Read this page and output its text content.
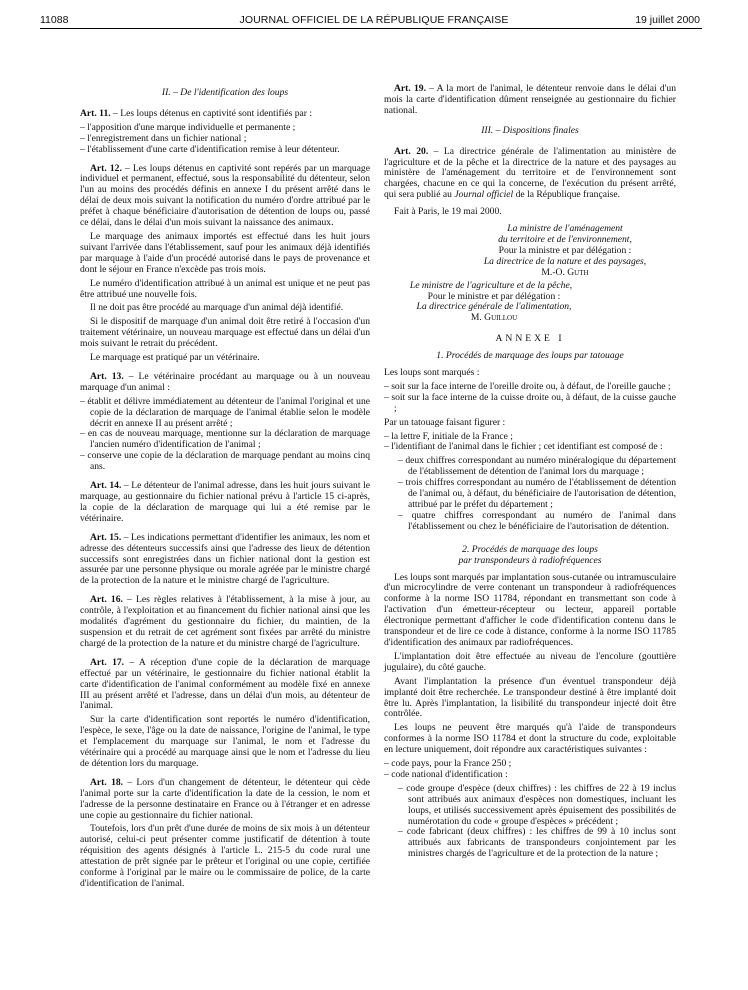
11088	JOURNAL OFFICIEL DE LA RÉPUBLIQUE FRANÇAISE	19 juillet 2000

II. – De l'identification des loups

Art. 11. – Les loups détenus en captivité sont identifiés par :

– l'apposition d'une marque individuelle et permanente ;
– l'enregistrement dans un fichier national ;
– l'établissement d'une carte d'identification remise à leur détenteur.

Art. 12. – Les loups détenus en captivité sont repérés par un marquage individuel et permanent, effectué, sous la responsabilité du détenteur, selon l'un au moins des procédés définis en annexe I du présent arrêté dans le délai de deux mois suivant la notification du numéro d'ordre attribué par le préfet à chaque bénéficiaire d'autorisation de détention de loups ou, passé ce délai, dans le délai d'un mois suivant la naissance des animaux.

Le marquage des animaux importés est effectué dans les huit jours suivant l'arrivée dans l'établissement, sauf pour les animaux déjà identifiés par marquage à l'aide d'un procédé autorisé dans le pays de provenance et dont le séjour en France n'excède pas trois mois.

Le numéro d'identification attribué à un animal est unique et ne peut pas être attribué une nouvelle fois.

Il ne doit pas être procédé au marquage d'un animal déjà identifié.

Si le dispositif de marquage d'un animal doit être retiré à l'occasion d'un traitement vétérinaire, un nouveau marquage est effectué dans un délai d'un mois suivant le retrait du précédent.

Le marquage est pratiqué par un vétérinaire.

Art. 13. – Le vétérinaire procédant au marquage ou à un nouveau marquage d'un animal :

– établit et délivre immédiatement au détenteur de l'animal l'original et une copie de la déclaration de marquage de l'animal établie selon le modèle décrit en annexe II au présent arrêté ;
– en cas de nouveau marquage, mentionne sur la déclaration de marquage l'ancien numéro d'identification de l'animal ;
– conserve une copie de la déclaration de marquage pendant au moins cinq ans.

Art. 14. – Le détenteur de l'animal adresse, dans les huit jours suivant le marquage, au gestionnaire du fichier national prévu à l'article 15 ci-après, la copie de la déclaration de marquage qui lui a été remise par le vétérinaire.

Art. 15. – Les indications permettant d'identifier les animaux, les nom et adresse des détenteurs successifs ainsi que l'adresse des lieux de détention successifs sont enregistrées dans un fichier national dont la gestion est assurée par une personne physique ou morale agréée par le ministre chargé de la protection de la nature et le ministre chargé de l'agriculture.

Art. 16. – Les règles relatives à l'établissement, à la mise à jour, au contrôle, à l'exploitation et au financement du fichier national ainsi que les modalités d'agrément du gestionnaire du fichier, du maintien, de la suspension et du retrait de cet agrément sont fixées par arrêté du ministre chargé de la protection de la nature et du ministre chargé de l'agriculture.

Art. 17. – A réception d'une copie de la déclaration de marquage effectué par un vétérinaire, le gestionnaire du fichier national établit la carte d'identification de l'animal conformément au modèle fixé en annexe III au présent arrêté et l'adresse, dans un délai d'un mois, au détenteur de l'animal.

Sur la carte d'identification sont reportés le numéro d'identification, l'espèce, le sexe, l'âge ou la date de naissance, l'origine de l'animal, le type et l'emplacement du marquage sur l'animal, le nom et l'adresse du vétérinaire qui a procédé au marquage ainsi que le nom et l'adresse du lieu de détention lors du marquage.

Art. 18. – Lors d'un changement de détenteur, le détenteur qui cède l'animal porte sur la carte d'identification la date de la cession, le nom et l'adresse de la personne destinataire en France ou à l'étranger et en adresse une copie au gestionnaire du fichier national.

Toutefois, lors d'un prêt d'une durée de moins de six mois à un détenteur autorisé, celui-ci peut présenter comme justificatif de détention à toute réquisition des agents désignés à l'article L. 215-5 du code rural une attestation de prêt signée par le prêteur et l'original ou une copie, certifiée conforme à l'original par le maire ou le commissaire de police, de la carte d'identification de l'animal.

Art. 19. – A la mort de l'animal, le détenteur renvoie dans le délai d'un mois la carte d'identification dûment renseignée au gestionnaire du fichier national.

III. – Dispositions finales

Art. 20. – La directrice générale de l'alimentation au ministère de l'agriculture et de la pêche et la directrice de la nature et des paysages au ministère de l'aménagement du territoire et de l'environnement sont chargées, chacune en ce qui la concerne, de l'exécution du présent arrêté, qui sera publié au Journal officiel de la République française.

Fait à Paris, le 19 mai 2000.

La ministre de l'aménagement

du territoire et de l'environnement,

Pour la ministre et par délégation :

La directrice de la nature et des paysages,

M.-O. Guth

Le ministre de l'agriculture et de la pêche,

Pour le ministre et par délégation :

La directrice générale de l'alimentation,

M. Guillou

ANNEXE I

1. Procédés de marquage des loups par tatouage

Les loups sont marqués :

– soit sur la face interne de l'oreille droite ou, à défaut, de l'oreille gauche ;
– soit sur la face interne de la cuisse droite ou, à défaut, de la cuisse gauche ;

Par un tatouage faisant figurer :

– la lettre F, initiale de la France ;
– l'identifiant de l'animal dans le fichier ; cet identifiant est composé de :
– deux chiffres correspondant au numéro minéralogique du département de l'établissement de détention de l'animal lors du marquage ;
– trois chiffres correspondant au numéro de l'établissement de détention de l'animal ou, à défaut, du bénéficiaire de l'autorisation de détention, attribué par le préfet du département ;
– quatre chiffres correspondant au numéro de l'animal dans l'établissement ou chez le bénéficiaire de l'autorisation de détention.

2. Procédés de marquage des loups

par transpondeurs à radiofréquences

Les loups sont marqués par implantation sous-cutanée ou intramusculaire d'un microcylindre de verre contenant un transpondeur à radiofréquences conforme à la norme ISO 11784, répondant en transmettant son code à l'activation d'un émetteur-récepteur ou lecteur, appareil portable électronique permettant d'afficher le code d'identification contenu dans le transpondeur et de lire ce code à distance, conforme à la norme ISO 11785 d'identification des animaux par radiofréquences.

L'implantation doit être effectuée au niveau de l'encolure (gouttière jugulaire), du côté gauche.

Avant l'implantation la présence d'un éventuel transpondeur déjà implanté doit être recherchée. Le transpondeur destiné à être implanté doit être lu. Après l'implantation, la lisibilité du transpondeur injecté doit être contrôlée.

Les loups ne peuvent être marqués qu'à l'aide de transpondeurs conformes à la norme ISO 11784 et dont la structure du code, exploitable en lecture uniquement, doit répondre aux caractéristiques suivantes :

– code pays, pour la France 250 ;
– code national d'identification :
– code groupe d'espèce (deux chiffres) : les chiffres de 22 à 19 inclus sont attribués aux animaux d'espèces non domestiques, incluant les loups, et utilisés successivement après épuisement des possibilités de numérotation du code « groupe d'espèces » précédent ;
– code fabricant (deux chiffres) : les chiffres de 99 à 10 inclus sont attribués aux fabricants de transpondeurs conjointement par les ministres chargés de l'agriculture et de la protection de la nature ;
